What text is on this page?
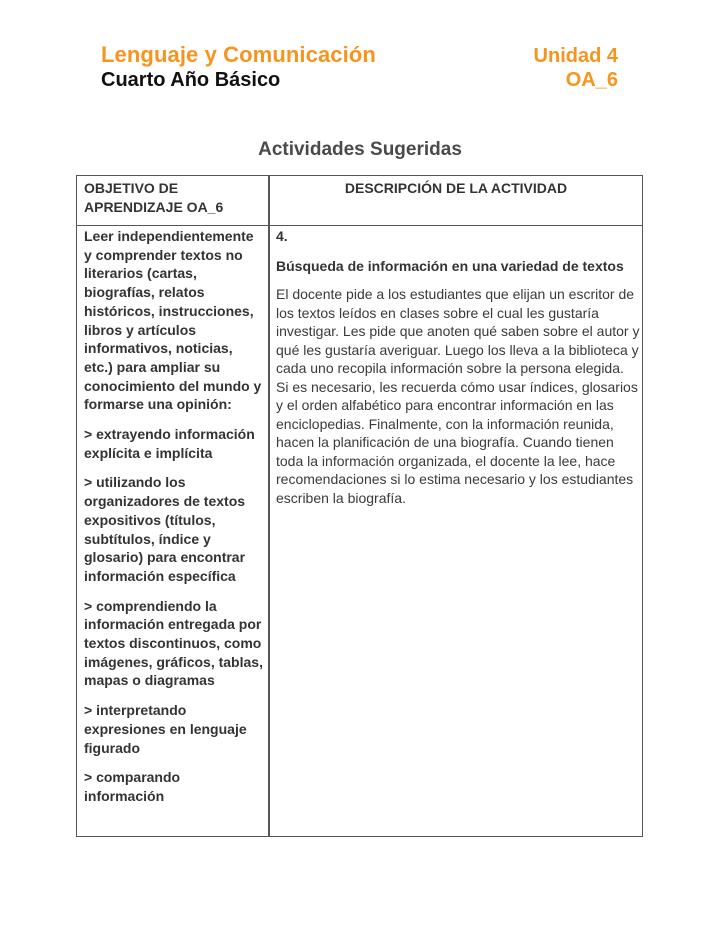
Lenguaje y Comunicación
Cuarto Año Básico
Unidad 4
OA_6
Actividades Sugeridas
OBJETIVO DE APRENDIZAJE OA_6
DESCRIPCIÓN DE LA ACTIVIDAD

Leer independientemente y comprender textos no literarios (cartas, biografías, relatos históricos, instrucciones, libros y artículos informativos, noticias, etc.) para ampliar su conocimiento del mundo y formarse una opinión:

> extrayendo información explícita e implícita

> utilizando los organizadores de textos expositivos (títulos, subtítulos, índice y glosario) para encontrar información específica

> comprendiendo la información entregada por textos discontinuos, como imágenes, gráficos, tablas, mapas o diagramas

> interpretando expresiones en lenguaje figurado

> comparando información

4.

Búsqueda de información en una variedad de textos

El docente pide a los estudiantes que elijan un escritor de los textos leídos en clases sobre el cual les gustaría investigar. Les pide que anoten qué saben sobre el autor y qué les gustaría averiguar. Luego los lleva a la biblioteca y cada uno recopila información sobre la persona elegida. Si es necesario, les recuerda cómo usar índices, glosarios y el orden alfabético para encontrar información en las enciclopedias. Finalmente, con la información reunida, hacen la planificación de una biografía. Cuando tienen toda la información organizada, el docente la lee, hace recomendaciones si lo estima necesario y los estudiantes escriben la biografía.
